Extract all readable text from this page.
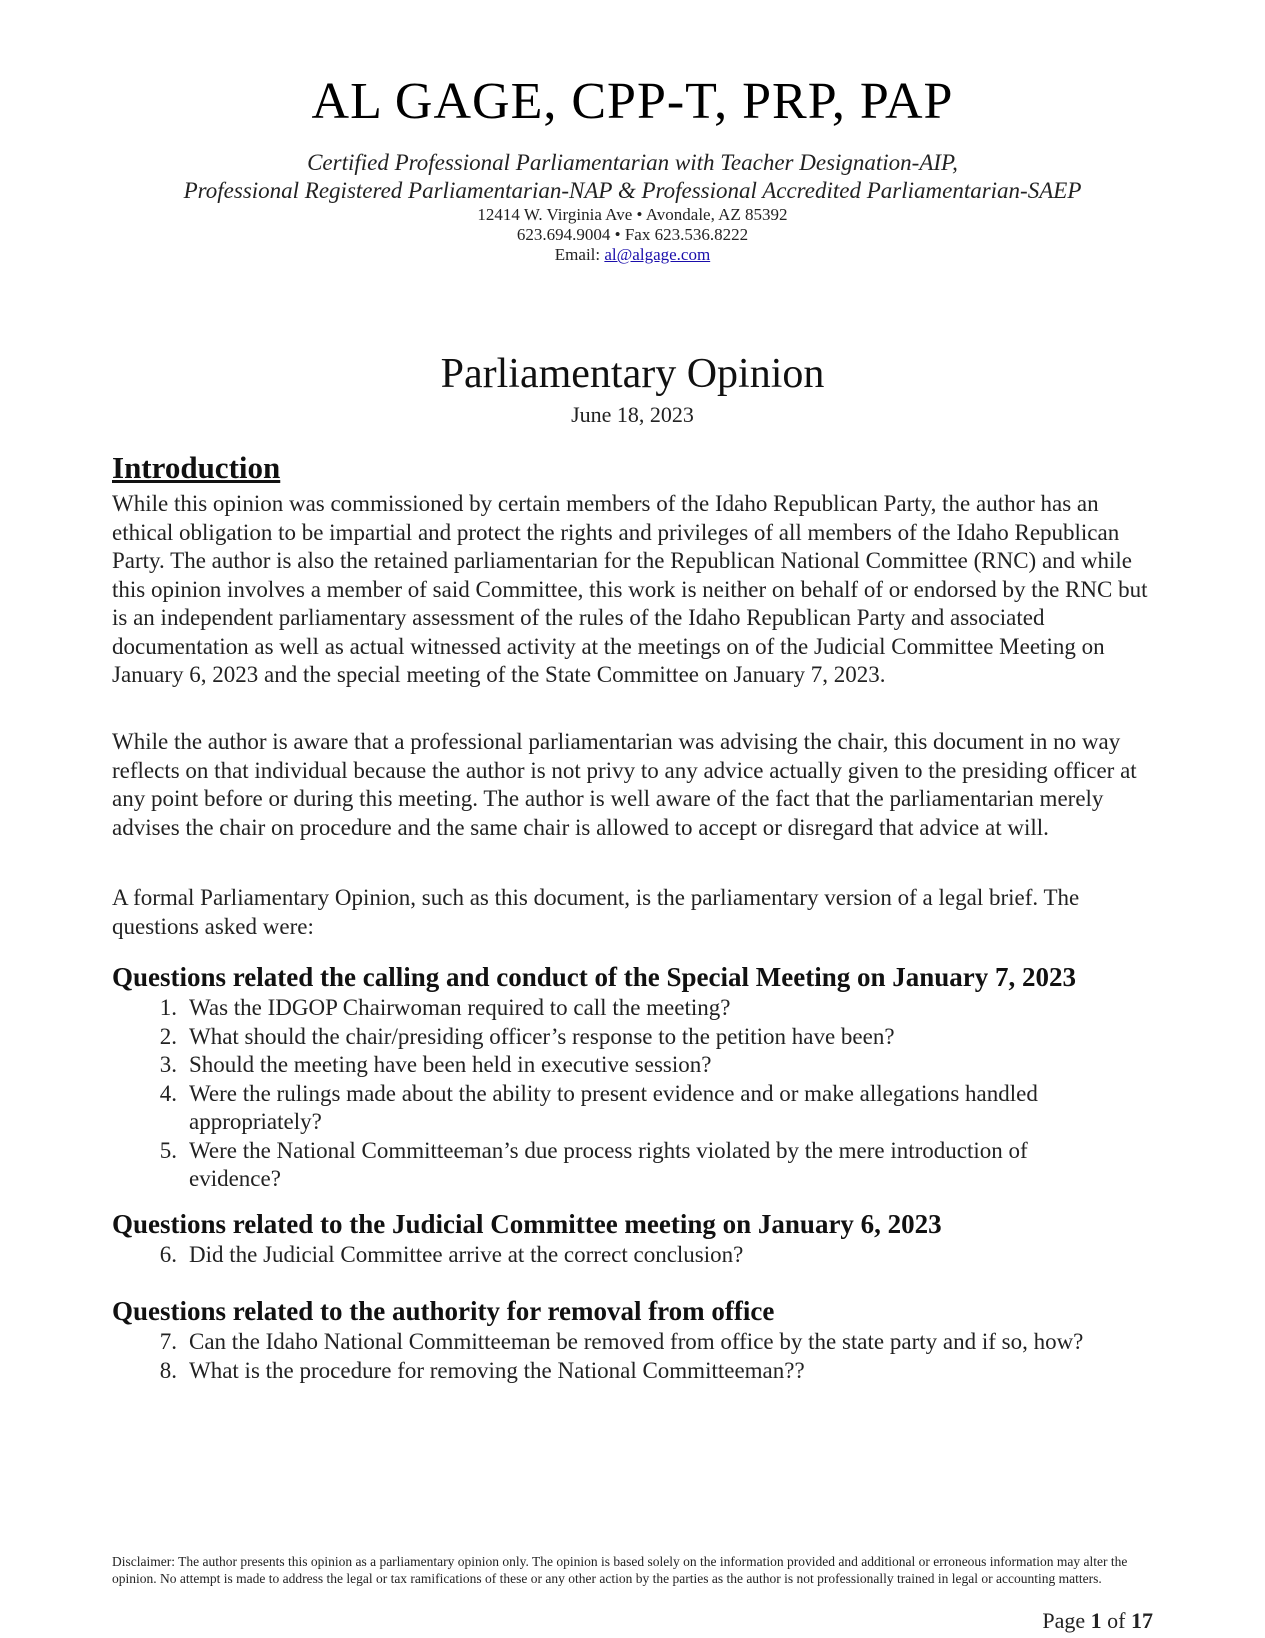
AL GAGE, CPP-T, PRP, PAP
Certified Professional Parliamentarian with Teacher Designation-AIP,
Professional Registered Parliamentarian-NAP & Professional Accredited Parliamentarian-SAEP
12414 W. Virginia Ave • Avondale, AZ 85392
623.694.9004 • Fax 623.536.8222
Email: al@algage.com
Parliamentary Opinion
June 18, 2023
Introduction
While this opinion was commissioned by certain members of the Idaho Republican Party, the author has an ethical obligation to be impartial and protect the rights and privileges of all members of the Idaho Republican Party. The author is also the retained parliamentarian for the Republican National Committee (RNC) and while this opinion involves a member of said Committee, this work is neither on behalf of or endorsed by the RNC but is an independent parliamentary assessment of the rules of the Idaho Republican Party and associated documentation as well as actual witnessed activity at the meetings on of the Judicial Committee Meeting on January 6, 2023 and the special meeting of the State Committee on January 7, 2023.
While the author is aware that a professional parliamentarian was advising the chair, this document in no way reflects on that individual because the author is not privy to any advice actually given to the presiding officer at any point before or during this meeting. The author is well aware of the fact that the parliamentarian merely advises the chair on procedure and the same chair is allowed to accept or disregard that advice at will.
A formal Parliamentary Opinion, such as this document, is the parliamentary version of a legal brief. The questions asked were:
Questions related the calling and conduct of the Special Meeting on January 7, 2023
1. Was the IDGOP Chairwoman required to call the meeting?
2. What should the chair/presiding officer’s response to the petition have been?
3. Should the meeting have been held in executive session?
4. Were the rulings made about the ability to present evidence and or make allegations handled appropriately?
5. Were the National Committeeman’s due process rights violated by the mere introduction of evidence?
Questions related to the Judicial Committee meeting on January 6, 2023
6. Did the Judicial Committee arrive at the correct conclusion?
Questions related to the authority for removal from office
7. Can the Idaho National Committeeman be removed from office by the state party and if so, how?
8. What is the procedure for removing the National Committeeman??
Disclaimer: The author presents this opinion as a parliamentary opinion only. The opinion is based solely on the information provided and additional or erroneous information may alter the opinion. No attempt is made to address the legal or tax ramifications of these or any other action by the parties as the author is not professionally trained in legal or accounting matters.
Page 1 of 17
